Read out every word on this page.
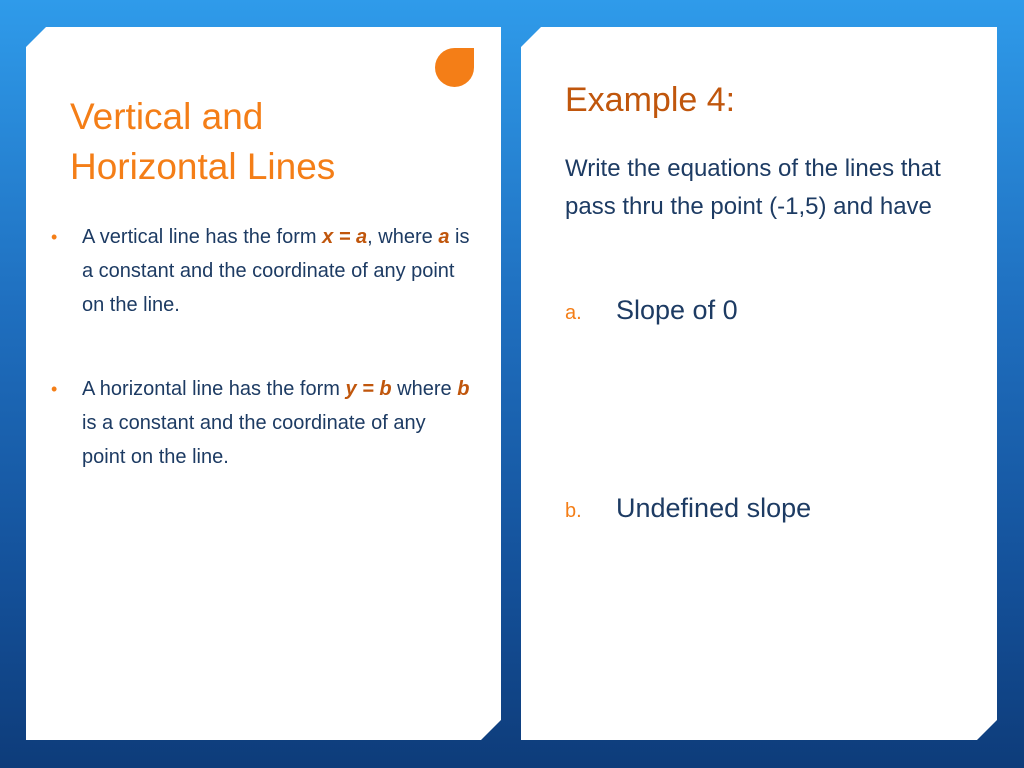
Vertical and
Horizontal Lines
• A vertical line has the form x = a, where a is a constant and the coordinate of any point on the line.
• A horizontal line has the form y = b where b is a constant and the coordinate of any point on the line.
Example 4:
Write the equations of the lines that pass thru the point (-1,5) and have
a. Slope of 0
b. Undefined slope
